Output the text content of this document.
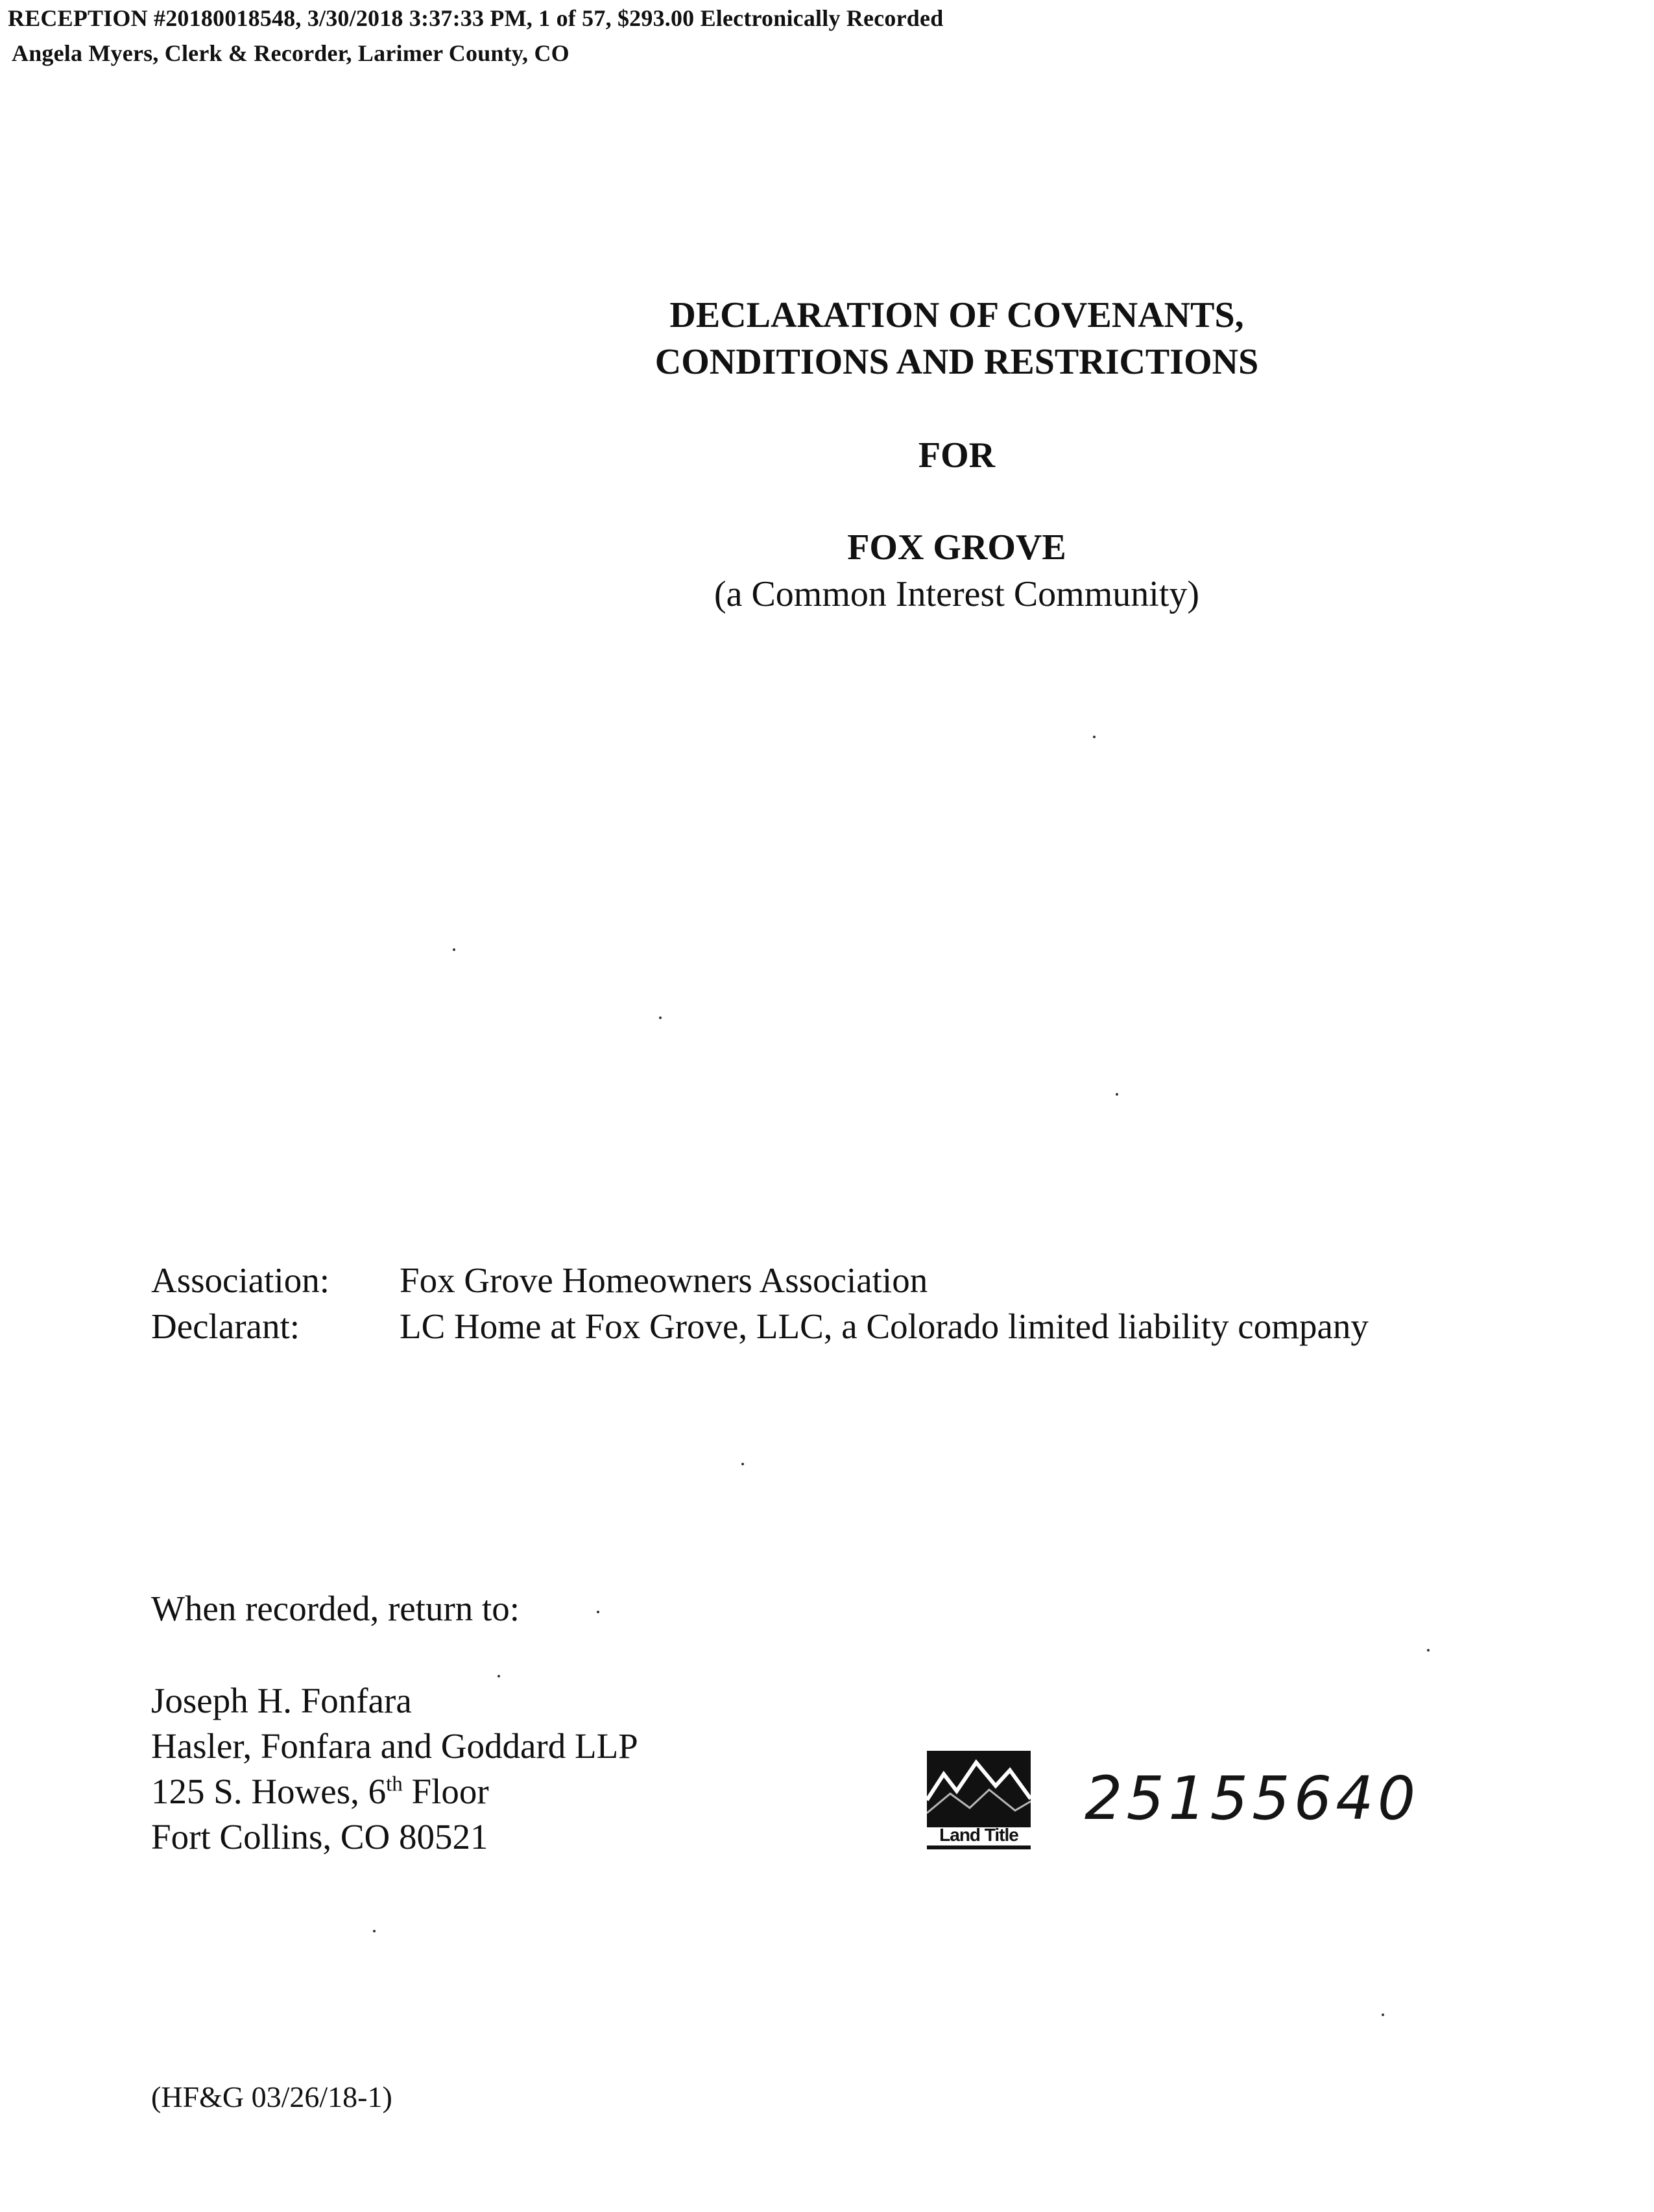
RECEPTION #20180018548, 3/30/2018 3:37:33 PM, 1 of 57, $293.00 Electronically Recorded
Angela Myers, Clerk & Recorder, Larimer County, CO
DECLARATION OF COVENANTS,
CONDITIONS AND RESTRICTIONS
FOR
FOX GROVE
(a Common Interest Community)
Association:	Fox Grove Homeowners Association
Declarant:	LC Home at Fox Grove, LLC, a Colorado limited liability company
When recorded, return to:
Joseph H. Fonfara
Hasler, Fonfara and Goddard LLP
125 S. Howes, 6th Floor
Fort Collins, CO 80521	Land Title
25155640
(HF&G 03/26/18-1)
